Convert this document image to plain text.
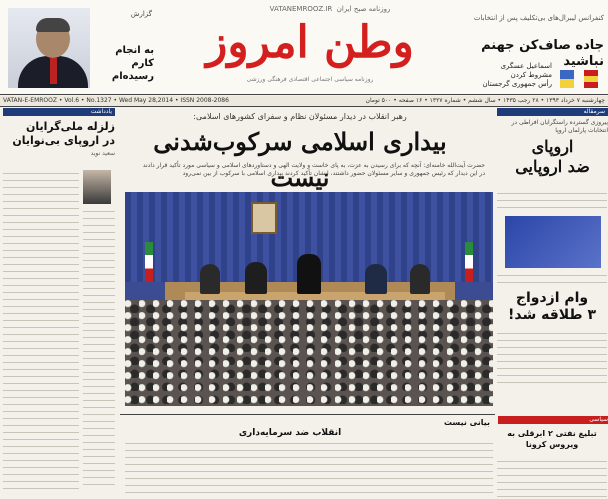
گزارش
به انجام کارم
رسیده‌ام
روزنامه صبح ایران  VATANEMROOZ.IR
وطن امروز
روزنامه سیاسی اجتماعی اقتصادی فرهنگی ورزشی
کنفرانس لیبرال‌های بی‌تکلیف پس از انتخابات
جاده صاف‌کن جهنم نباشید
اسماعیل عسگری
مشروط کردن
رأس جمهوری گرجستان
VATAN-E-EMROOZ • Vol.6 • No.1327 • Wed May 28,2014 • ISSN 2008-2086	چهارشنبه ۷ خرداد ۱۳۹۳ • ۲۸ رجب ۱۴۳۵ • سال ششم • شماره ۱۳۲۷ • ۱۶ صفحه • ۵۰۰ تومان
یادداشت
زلزله ملی‌گرایان
در اروپای بی‌نوایان
سعید نوید
رهبر انقلاب در دیدار مسئولان نظام و سفرای کشورهای اسلامی:
بیداری اسلامی سرکوب‌شدنی نیست
حضرت آیت‌الله خامنه‌ای: آنچه که برای رسیدن به عزت، به پای خاست و ولایت الهی و دستاوردهای اسلامی و سیاسی مورد تأکید قرار دادند
در این دیدار که رئیس جمهوری و سایر مسئولان حضور داشتند، ایشان تأکید کردند بیداری اسلامی با سرکوب از بین نمی‌رود
سرمقاله
پیروزی گسترده راستگرایان افراطی در انتخابات پارلمان اروپا
اروپای
ضد اروپایی
وام ازدواج
۳ طلاقه شد!
سیاسی
تبلیغ نفتی ۲ ابرقلی به ویروس کرونا
انقلاب ضد سرمایه‌داری
بیانی نیست
